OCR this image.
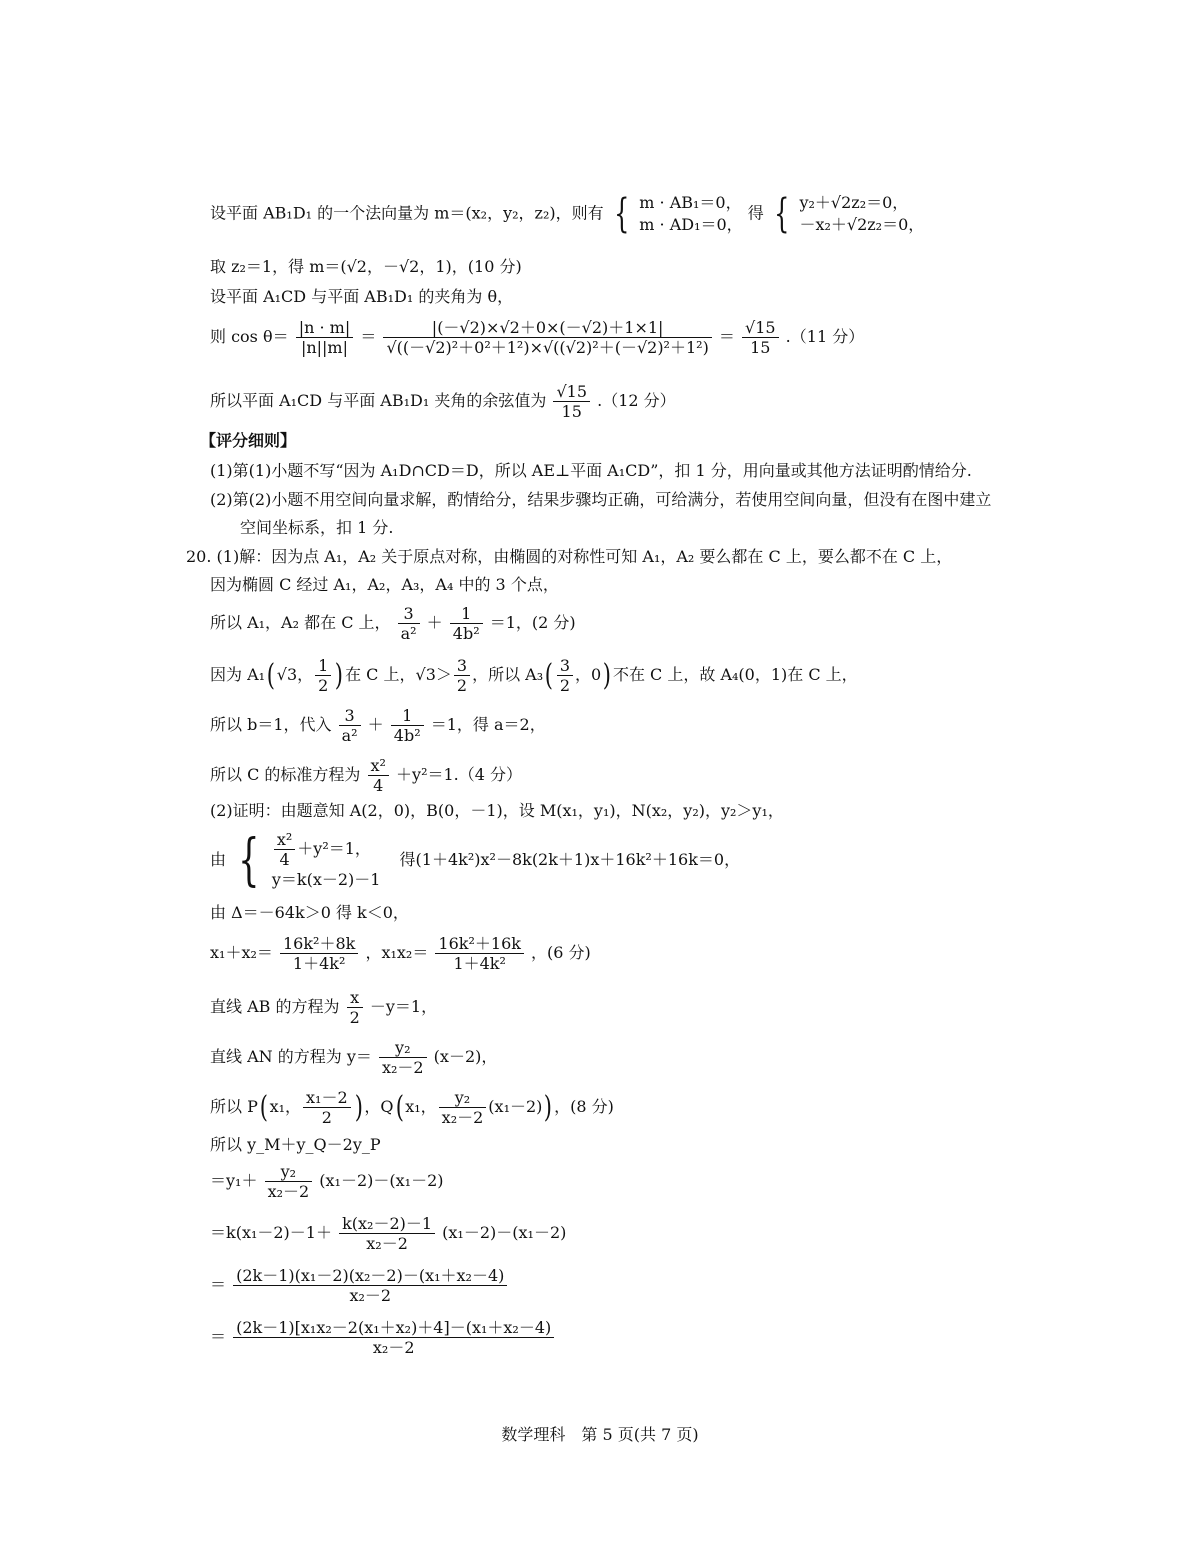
设平面 AB₁D₁ 的一个法向量为 m＝(x₂，y₂，z₂)，则有 { m · AB₁＝0，
m · AD₁＝0，
得 { y₂＋√2z₂＝0，
－x₂＋√2z₂＝0，
取 z₂＝1，得 m＝(√2，－√2，1)，(10 分)
设平面 A₁CD 与平面 AB₁D₁ 的夹角为 θ，
则 $\cos \theta= \frac{|n \cdot m|}{|n||m|} = \frac{|(-√2)\times√2+0\times(-√2)+1\times 1|}{\text{√((－√2)²＋0²＋1²)×√((√2)²＋(－√2)²＋1²)}} = \frac{√15}{15} .(11$ 分）
所以平面 A₁CD 与平面 AB₁D₁ 夹角的余弦值为 $\frac{√15}{15} .(12$ 分）
【评分细则】
(1)第(1)小题不写“因为 A₁D∩CD＝D，所以 AE⊥平面 A₁CD”，扣 1 分，用向量或其他方法证明酌情给分.
(2)第(2)小题不用空间向量求解，酌情给分，结果步骤均正确，可给满分，若使用空间向量，但没有在图中建立
空间坐标系，扣 1 分.
20. (1)解：因为点 A₁，A₂ 关于原点对称，由椭圆的对称性可知 A₁，A₂ 要么都在 C 上，要么都不在 C 上，
因为椭圆 C 经过 A₁，A₂，A₃，A₄ 中的 3 个点，
所以 A₁，A₂ 都在 C 上， $\frac{3}{\text{a²}} + \frac{1}{\text{4b²}} =1$，(2 分)
因为 A₁( √3， $\frac{1}{2}$ ) 在 C 上，$√3> \frac{3}{2}$ ，所以 $A_3( \frac{3}{2}$ ，0) 不在 C 上，故 A₄(0，1)在 C 上，
所以 b＝1，代入 $\frac{3}{\text{a²}} + \frac{1}{\text{4b²}} =1$，得 a＝2，
所以 C 的标准方程为 $\frac{\text{x²}}{4} +y^2=1.(4$ 分）
(2)证明：由题意知 A(2，0)，B(0，－1)，设 M(x₁，y₁)，N(x₂，y₂)，y₂＞y₁，
由 { $\frac{\text{x²}}{4} +y^2=1$，
y＝k(x－2)－1
得(1＋4k²)x²－8k(2k＋1)x＋16k²＋16k＝0，
由 Δ＝－64k＞0 得 k＜0，
$x_1+x_2= \frac{\text{16k²＋8k}}{\text{1＋4k²}}$ ，$x_1x_2= \frac{\text{16k²＋16k}}{\text{1＋4k²}}$ ，(6 分)
直线 AB 的方程为 $\frac{x}{2} -y=1$，
直线 AN 的方程为 $y= \frac{\text{y₂}}{\text{x₂－2}} (x-2)$，
所以 P( x₁， $\frac{\text{x₁－2}}{2}$ ) ，Q( x₁， $\frac{\text{y₂}}{\text{x₂－2}} (x_1-2)$) ，(8 分)
所以 y_M＋y_Q－2y_P
$=y_1+ \frac{\text{y₂}}{\text{x₂－2}} (x_1-2)-(x_1-2)$
$=k(x_1-2)-1+ \frac{\text{k(x₂－2)－1}}{\text{x₂－2}} (x_1-2)-(x_1-2)$
＝ $\frac{\text{(2k－1)(x₁－2)(x₂－2)－(x₁＋x₂－4)}}{\text{x₂－2}}$
＝ $\frac{\text{(2k－1)[x₁x₂－2(x₁＋x₂)＋4]－(x₁＋x₂－4)}}{\text{x₂－2}}$
数学理科　第 5 页(共 7 页)
